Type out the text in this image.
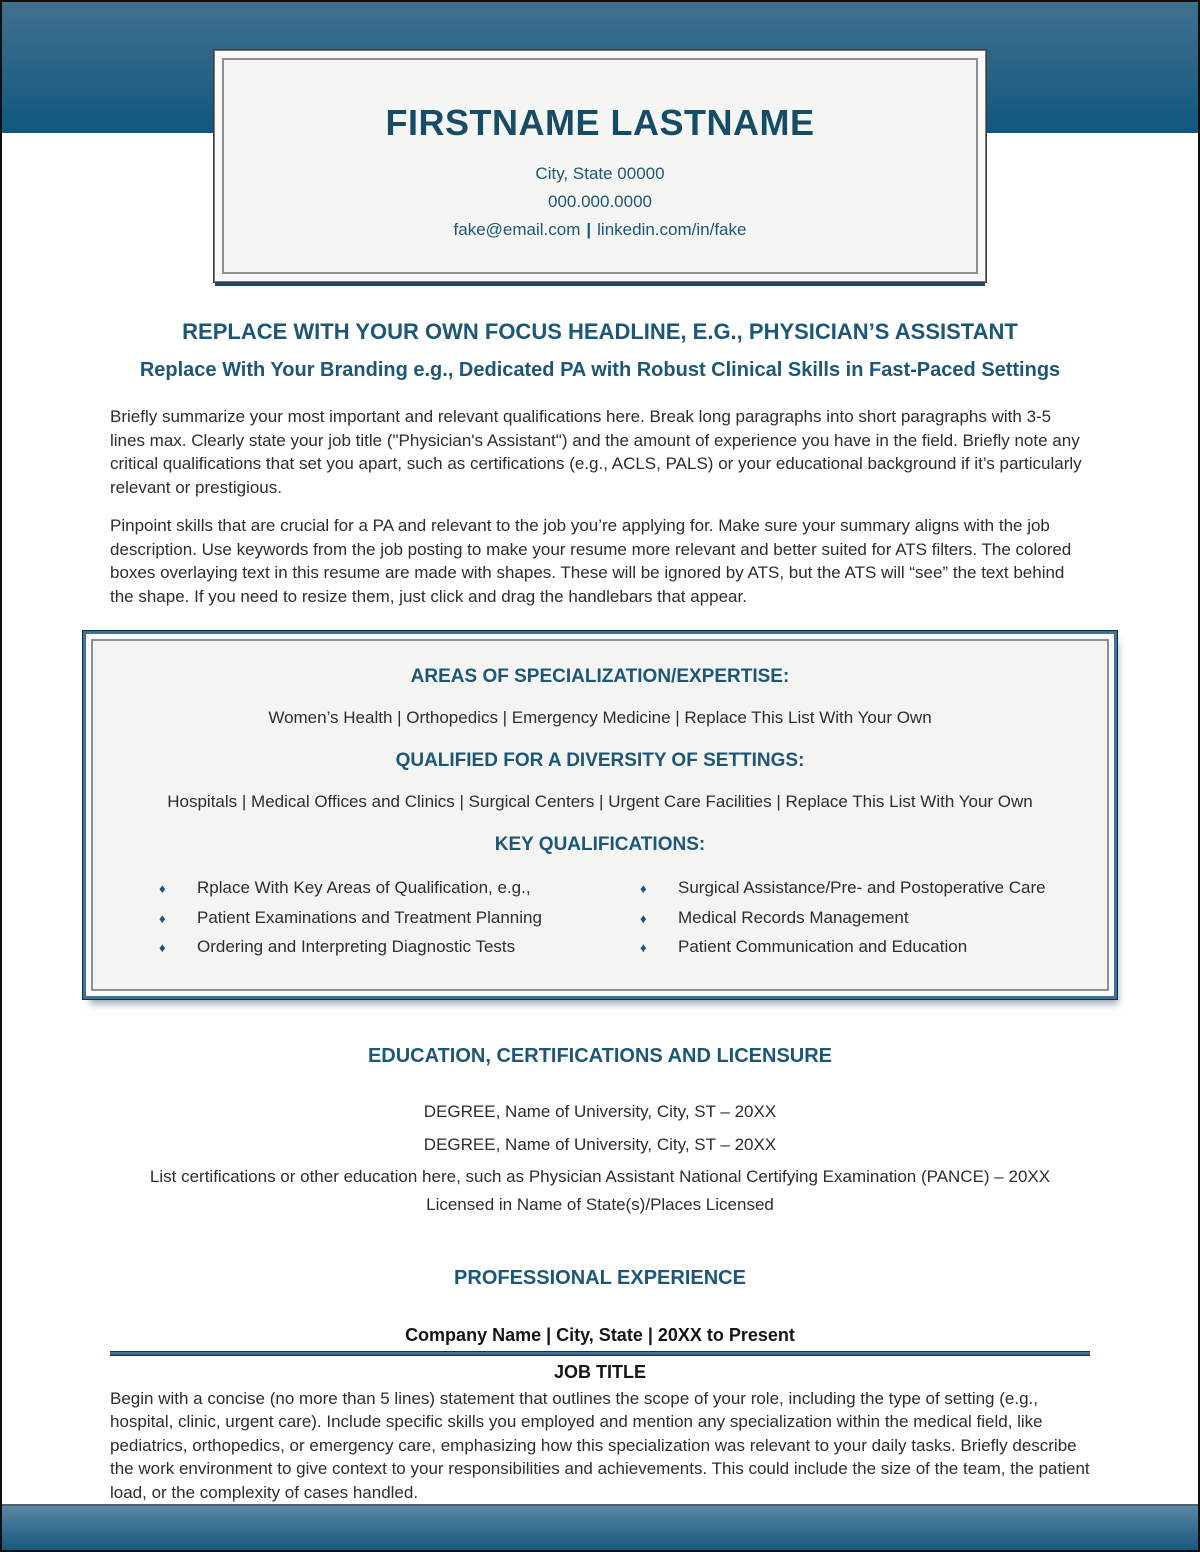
FIRSTNAME LASTNAME
City, State 00000
000.000.0000
fake@email.com | linkedin.com/in/fake
REPLACE WITH YOUR OWN FOCUS HEADLINE, E.G., PHYSICIAN’S ASSISTANT
Replace With Your Branding e.g., Dedicated PA with Robust Clinical Skills in Fast-Paced Settings

Briefly summarize your most important and relevant qualifications here. Break long paragraphs into short paragraphs with 3-5 lines max. Clearly state your job title ("Physician's Assistant") and the amount of experience you have in the field. Briefly note any critical qualifications that set you apart, such as certifications (e.g., ACLS, PALS) or your educational background if it’s particularly relevant or prestigious.

Pinpoint skills that are crucial for a PA and relevant to the job you’re applying for. Make sure your summary aligns with the job description. Use keywords from the job posting to make your resume more relevant and better suited for ATS filters. The colored boxes overlaying text in this resume are made with shapes. These will be ignored by ATS, but the ATS will “see” the text behind the shape. If you need to resize them, just click and drag the handlebars that appear.

AREAS OF SPECIALIZATION/EXPERTISE:
Women’s Health | Orthopedics | Emergency Medicine | Replace This List With Your Own
QUALIFIED FOR A DIVERSITY OF SETTINGS:
Hospitals | Medical Offices and Clinics | Surgical Centers | Urgent Care Facilities | Replace This List With Your Own
KEY QUALIFICATIONS:
♦	Rplace With Key Areas of Qualification, e.g.,
♦	Patient Examinations and Treatment Planning
♦	Ordering and Interpreting Diagnostic Tests
♦	Surgical Assistance/Pre- and Postoperative Care
♦	Medical Records Management
♦	Patient Communication and Education
EDUCATION, CERTIFICATIONS AND LICENSURE
DEGREE, Name of University, City, ST – 20XX
DEGREE, Name of University, City, ST – 20XX
List certifications or other education here, such as Physician Assistant National Certifying Examination (PANCE) – 20XX
Licensed in Name of State(s)/Places Licensed
PROFESSIONAL EXPERIENCE
Company Name | City, State | 20XX to Present
JOB TITLE

Begin with a concise (no more than 5 lines) statement that outlines the scope of your role, including the type of setting (e.g., hospital, clinic, urgent care). Include specific skills you employed and mention any specialization within the medical field, like pediatrics, orthopedics, or emergency care, emphasizing how this specialization was relevant to your daily tasks. Briefly describe the work environment to give context to your responsibilities and achievements. This could include the size of the team, the patient load, or the complexity of cases handled.
